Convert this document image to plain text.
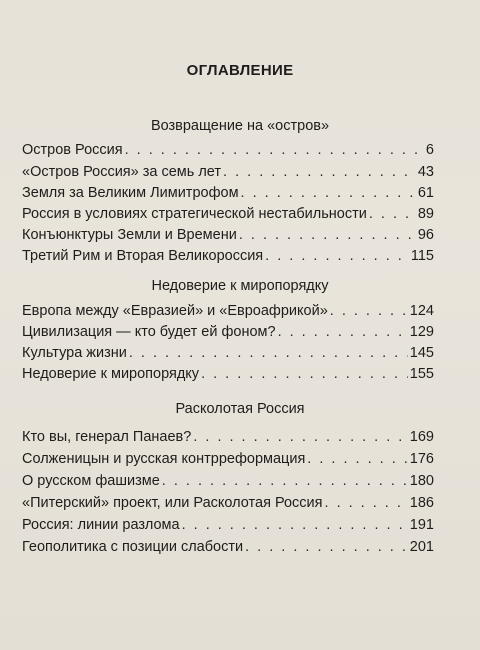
ОГЛАВЛЕНИЕ
Возвращение на «остров»
Остров Россия . . .	6
«Остров Россия» за семь лет . . .	43
Земля за Великим Лимитрофом . . .	61
Россия в условиях стратегической нестабильности . . .	89
Конъюнктуры Земли и Времени . . .	96
Третий Рим и Вторая Великороссия . . .	115
Недоверие к миропорядку
Европа между «Евразией» и «Евроафрикой» . . .	124
Цивилизация — кто будет ей фоном? . . .	129
Культура жизни . . .	145
Недоверие к миропорядку . . .	155
Расколотая Россия
Кто вы, генерал Панаев? . . .	169
Солженицын и русская контрреформация . . .	176
О русском фашизме . . .	180
«Питерский» проект, или Расколотая Россия . . .	186
Россия: линии разлома . . .	191
Геополитика с позиции слабости . . .	201
